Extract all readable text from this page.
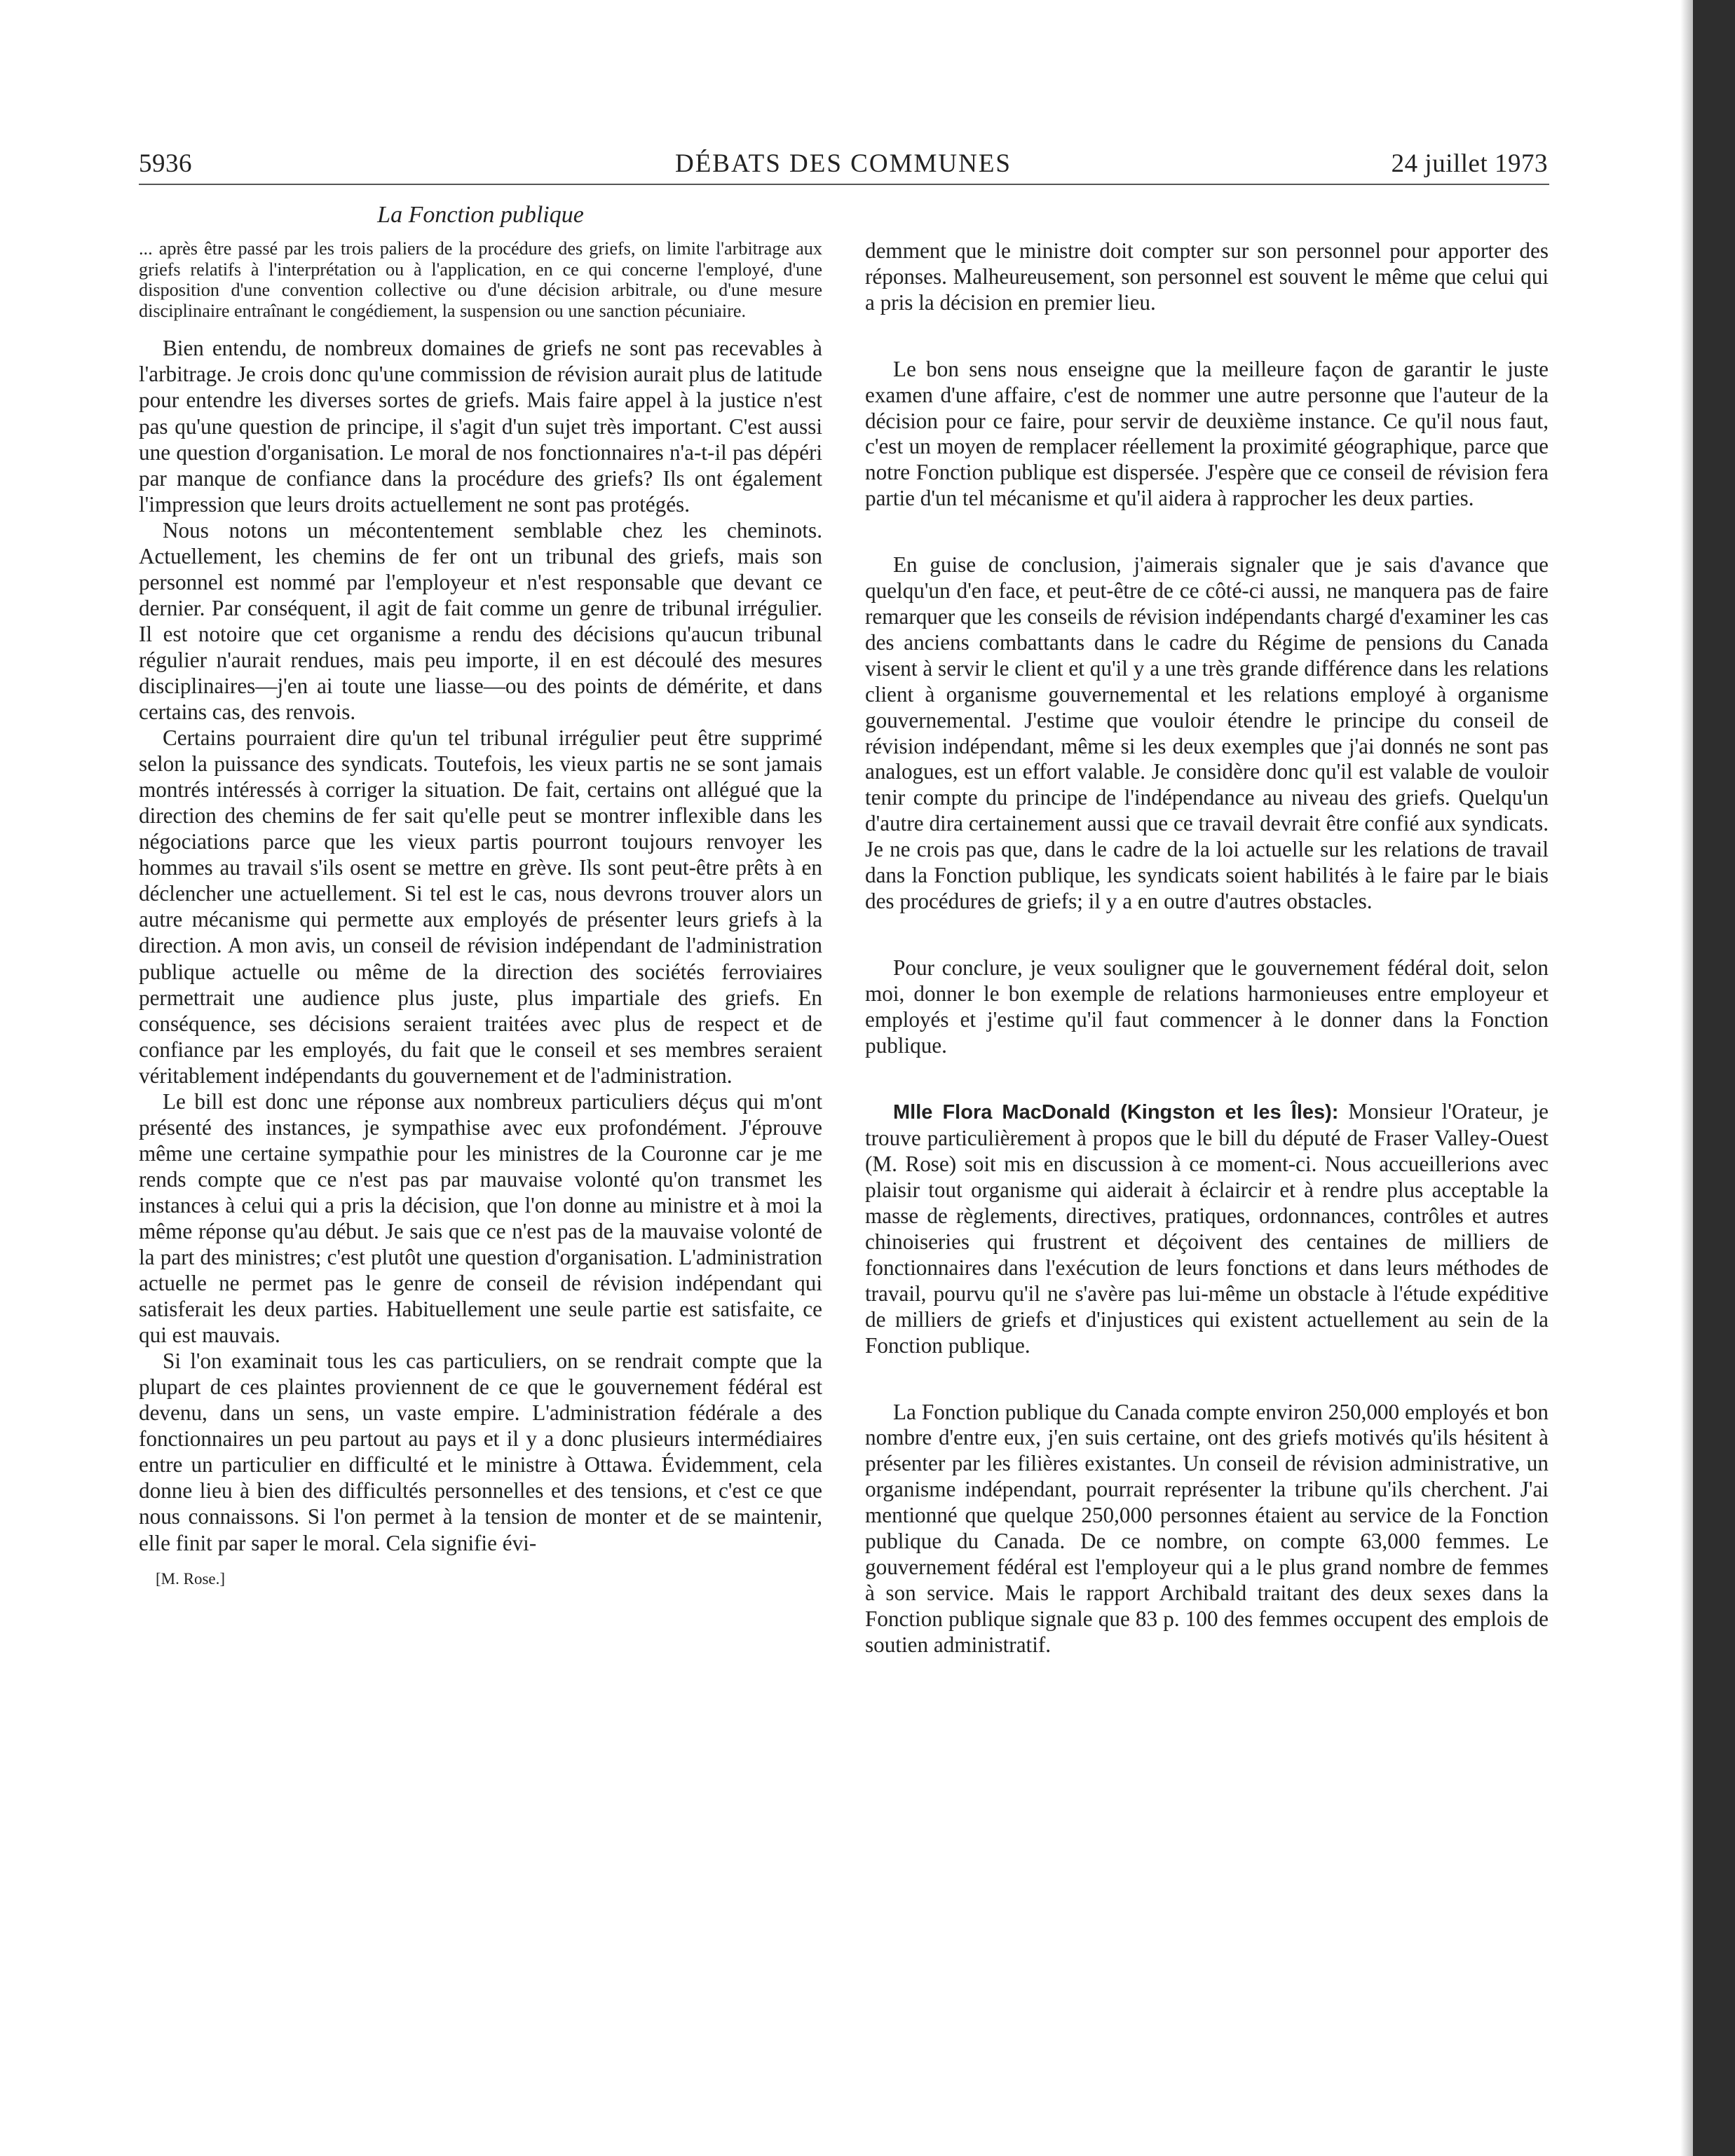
5936	DÉBATS DES COMMUNES	24 juillet 1973
La Fonction publique

... après être passé par les trois paliers de la procédure des griefs, on limite l'arbitrage aux griefs relatifs à l'interprétation ou à l'application, en ce qui concerne l'employé, d'une disposition d'une convention collective ou d'une décision arbitrale, ou d'une mesure disciplinaire entraînant le congédiement, la suspension ou une sanction pécuniaire.

Bien entendu, de nombreux domaines de griefs ne sont pas recevables à l'arbitrage. Je crois donc qu'une commission de révision aurait plus de latitude pour entendre les diverses sortes de griefs. Mais faire appel à la justice n'est pas qu'une question de principe, il s'agit d'un sujet très important. C'est aussi une question d'organisation. Le moral de nos fonctionnaires n'a-t-il pas dépéri par manque de confiance dans la procédure des griefs? Ils ont également l'impression que leurs droits actuellement ne sont pas protégés.

Nous notons un mécontentement semblable chez les cheminots. Actuellement, les chemins de fer ont un tribunal des griefs, mais son personnel est nommé par l'employeur et n'est responsable que devant ce dernier. Par conséquent, il agit de fait comme un genre de tribunal irrégulier. Il est notoire que cet organisme a rendu des décisions qu'aucun tribunal régulier n'aurait rendues, mais peu importe, il en est découlé des mesures disciplinaires—j'en ai toute une liasse—ou des points de démérite, et dans certains cas, des renvois.

Certains pourraient dire qu'un tel tribunal irrégulier peut être supprimé selon la puissance des syndicats. Toutefois, les vieux partis ne se sont jamais montrés intéressés à corriger la situation. De fait, certains ont allégué que la direction des chemins de fer sait qu'elle peut se montrer inflexible dans les négociations parce que les vieux partis pourront toujours renvoyer les hommes au travail s'ils osent se mettre en grève. Ils sont peut-être prêts à en déclencher une actuellement. Si tel est le cas, nous devrons trouver alors un autre mécanisme qui permette aux employés de présenter leurs griefs à la direction. A mon avis, un conseil de révision indépendant de l'administration publique actuelle ou même de la direction des sociétés ferroviaires permettrait une audience plus juste, plus impartiale des griefs. En conséquence, ses décisions seraient traitées avec plus de respect et de confiance par les employés, du fait que le conseil et ses membres seraient véritablement indépendants du gouvernement et de l'administration.

Le bill est donc une réponse aux nombreux particuliers déçus qui m'ont présenté des instances, je sympathise avec eux profondément. J'éprouve même une certaine sympathie pour les ministres de la Couronne car je me rends compte que ce n'est pas par mauvaise volonté qu'on transmet les instances à celui qui a pris la décision, que l'on donne au ministre et à moi la même réponse qu'au début. Je sais que ce n'est pas de la mauvaise volonté de la part des ministres; c'est plutôt une question d'organisation. L'administration actuelle ne permet pas le genre de conseil de révision indépendant qui satisferait les deux parties. Habituellement une seule partie est satisfaite, ce qui est mauvais.

Si l'on examinait tous les cas particuliers, on se rendrait compte que la plupart de ces plaintes proviennent de ce que le gouvernement fédéral est devenu, dans un sens, un vaste empire. L'administration fédérale a des fonctionnaires un peu partout au pays et il y a donc plusieurs intermédiaires entre un particulier en difficulté et le ministre à Ottawa. Évidemment, cela donne lieu à bien des difficultés personnelles et des tensions, et c'est ce que nous connaissons. Si l'on permet à la tension de monter et de se maintenir, elle finit par saper le moral. Cela signifie évi-

[M. Rose.]

demment que le ministre doit compter sur son personnel pour apporter des réponses. Malheureusement, son personnel est souvent le même que celui qui a pris la décision en premier lieu.

Le bon sens nous enseigne que la meilleure façon de garantir le juste examen d'une affaire, c'est de nommer une autre personne que l'auteur de la décision pour ce faire, pour servir de deuxième instance. Ce qu'il nous faut, c'est un moyen de remplacer réellement la proximité géographique, parce que notre Fonction publique est dispersée. J'espère que ce conseil de révision fera partie d'un tel mécanisme et qu'il aidera à rapprocher les deux parties.

En guise de conclusion, j'aimerais signaler que je sais d'avance que quelqu'un d'en face, et peut-être de ce côté-ci aussi, ne manquera pas de faire remarquer que les conseils de révision indépendants chargé d'examiner les cas des anciens combattants dans le cadre du Régime de pensions du Canada visent à servir le client et qu'il y a une très grande différence dans les relations client à organisme gouvernemental et les relations employé à organisme gouvernemental. J'estime que vouloir étendre le principe du conseil de révision indépendant, même si les deux exemples que j'ai donnés ne sont pas analogues, est un effort valable. Je considère donc qu'il est valable de vouloir tenir compte du principe de l'indépendance au niveau des griefs. Quelqu'un d'autre dira certainement aussi que ce travail devrait être confié aux syndicats. Je ne crois pas que, dans le cadre de la loi actuelle sur les relations de travail dans la Fonction publique, les syndicats soient habilités à le faire par le biais des procédures de griefs; il y a en outre d'autres obstacles.

Pour conclure, je veux souligner que le gouvernement fédéral doit, selon moi, donner le bon exemple de relations harmonieuses entre employeur et employés et j'estime qu'il faut commencer à le donner dans la Fonction publique.

Mlle Flora MacDonald (Kingston et les Îles): Monsieur l'Orateur, je trouve particulièrement à propos que le bill du député de Fraser Valley-Ouest (M. Rose) soit mis en discussion à ce moment-ci. Nous accueillerions avec plaisir tout organisme qui aiderait à éclaircir et à rendre plus acceptable la masse de règlements, directives, pratiques, ordonnances, contrôles et autres chinoiseries qui frustrent et déçoivent des centaines de milliers de fonctionnaires dans l'exécution de leurs fonctions et dans leurs méthodes de travail, pourvu qu'il ne s'avère pas lui-même un obstacle à l'étude expéditive de milliers de griefs et d'injustices qui existent actuellement au sein de la Fonction publique.

La Fonction publique du Canada compte environ 250,000 employés et bon nombre d'entre eux, j'en suis certaine, ont des griefs motivés qu'ils hésitent à présenter par les filières existantes. Un conseil de révision administrative, un organisme indépendant, pourrait représenter la tribune qu'ils cherchent. J'ai mentionné que quelque 250,000 personnes étaient au service de la Fonction publique du Canada. De ce nombre, on compte 63,000 femmes. Le gouvernement fédéral est l'employeur qui a le plus grand nombre de femmes à son service. Mais le rapport Archibald traitant des deux sexes dans la Fonction publique signale que 83 p. 100 des femmes occupent des emplois de soutien administratif.
